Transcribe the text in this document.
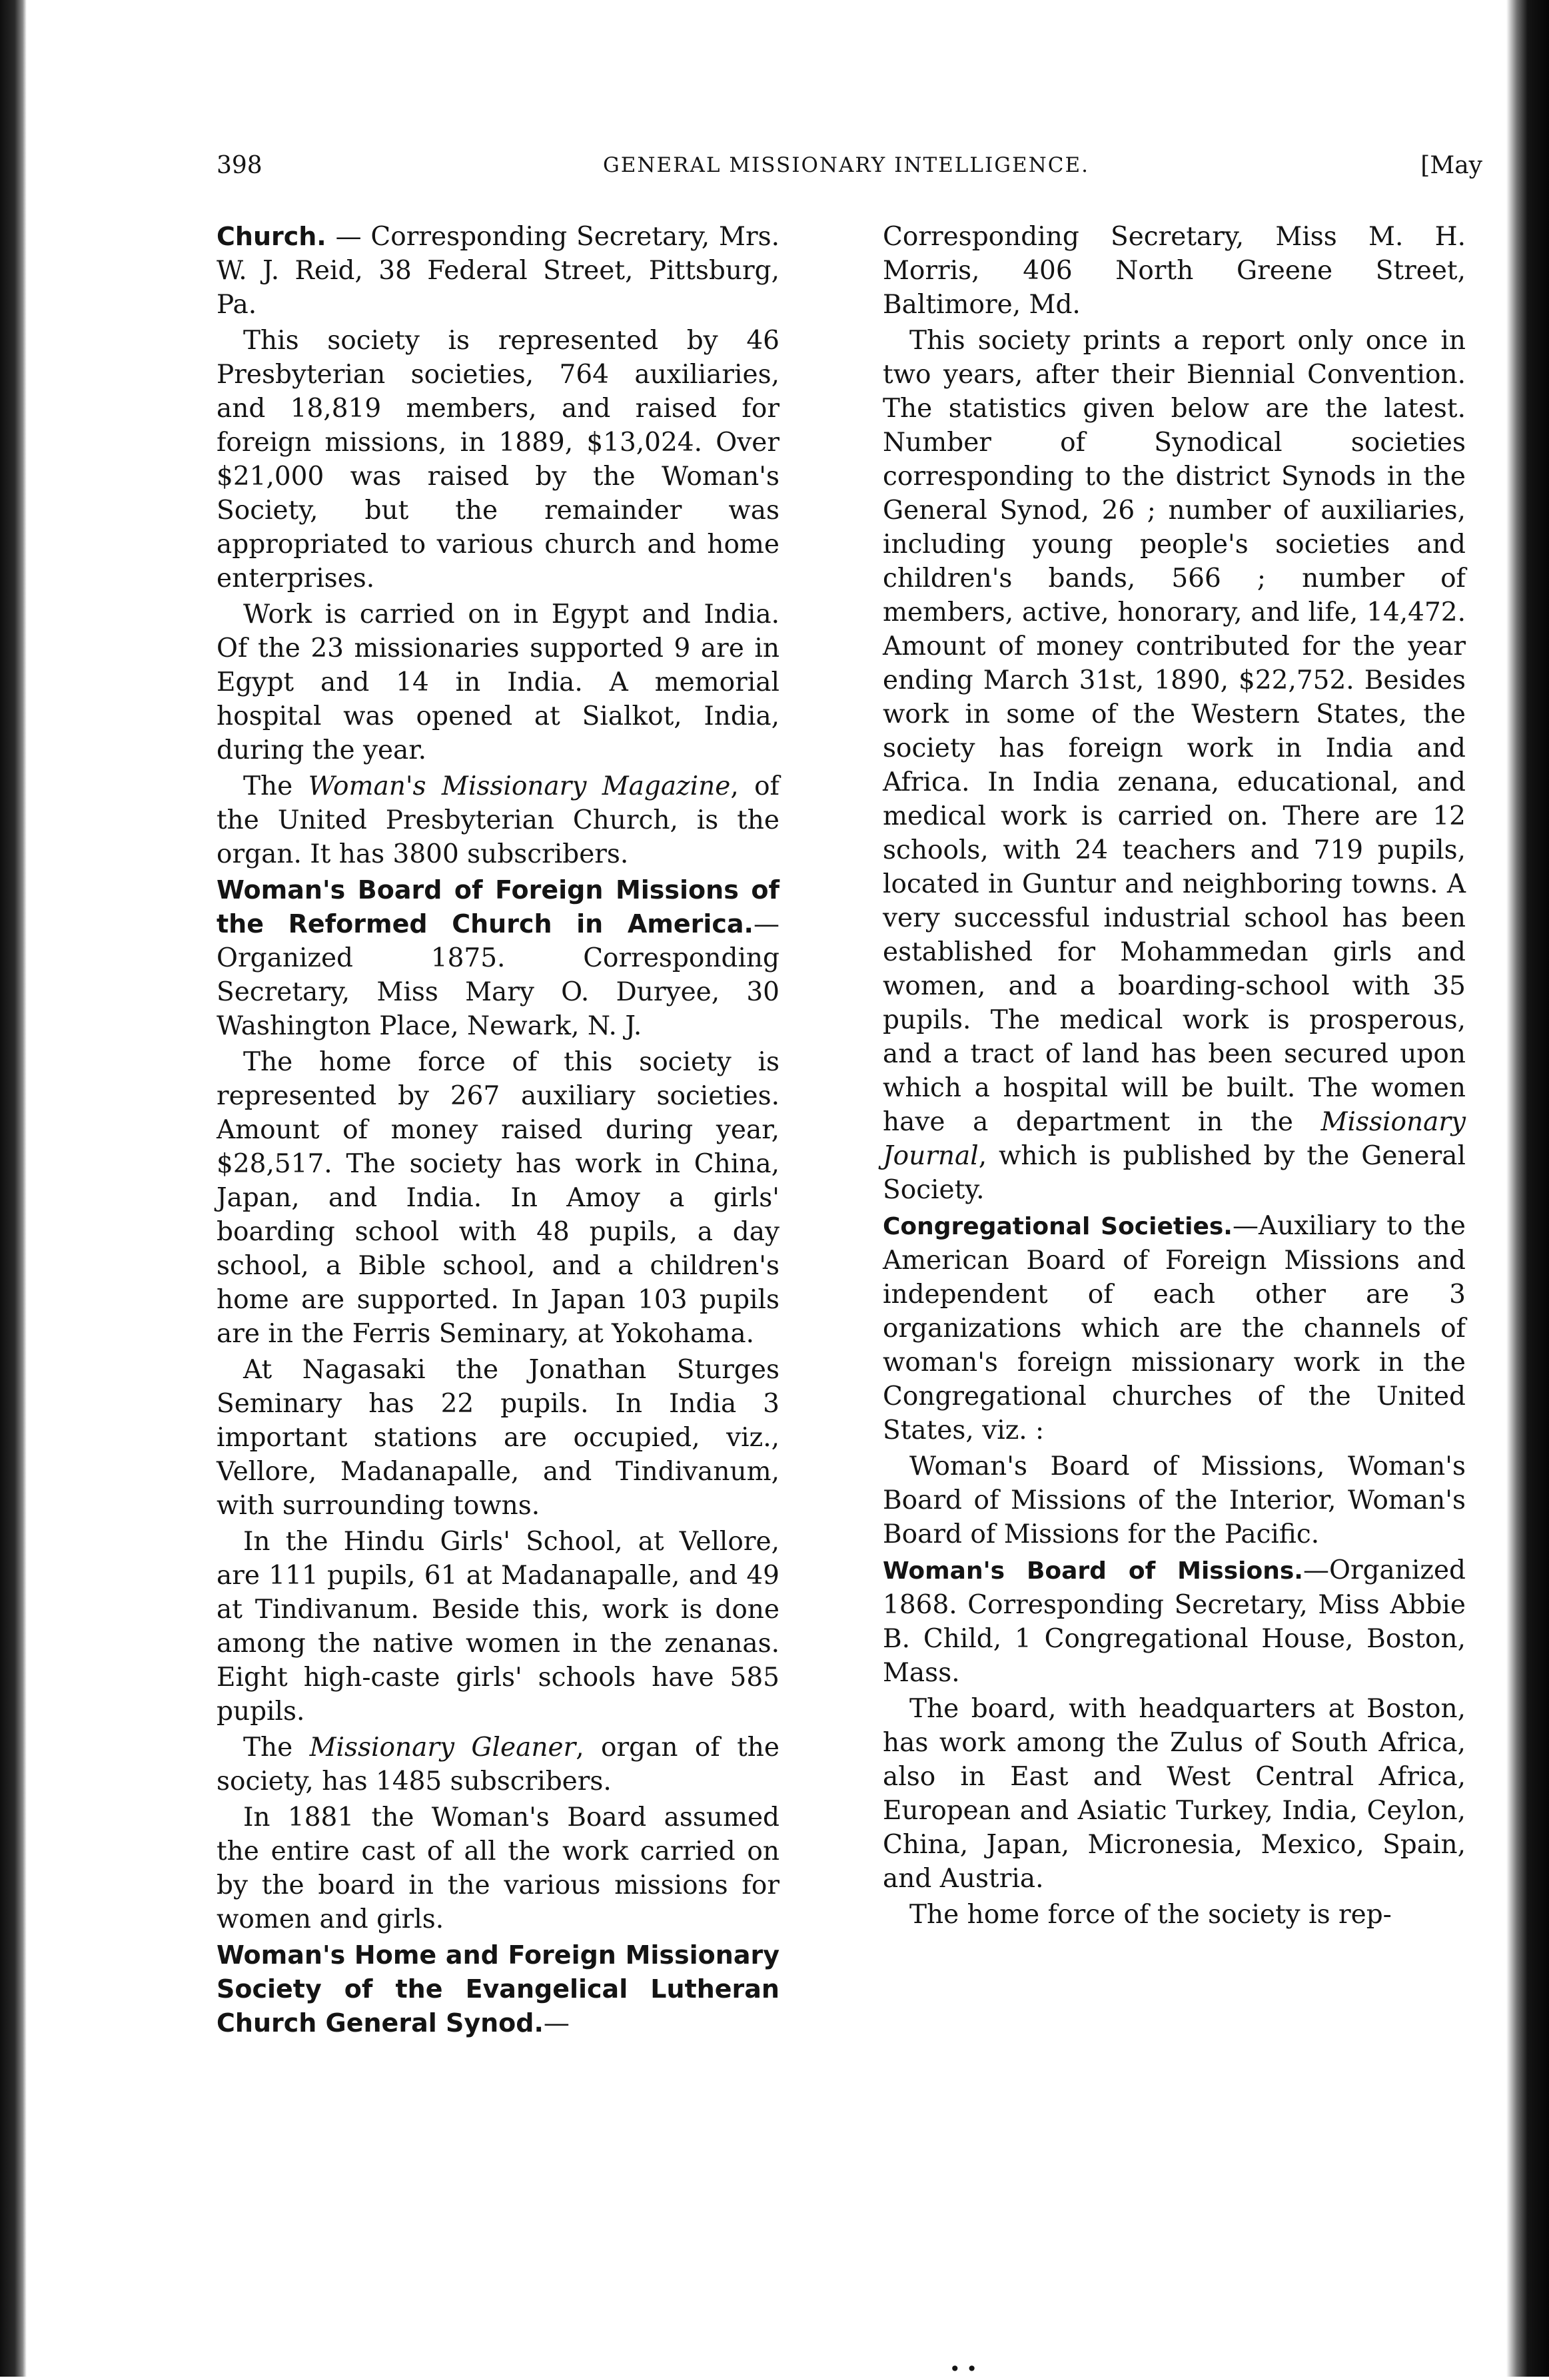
398	GENERAL MISSIONARY INTELLIGENCE.	[May

Church. — Corresponding Secretary, Mrs. W. J. Reid, 38 Federal Street, Pittsburg, Pa.

This society is represented by 46 Presbyterian societies, 764 auxiliaries, and 18,819 members, and raised for foreign missions, in 1889, $13,024. Over $21,000 was raised by the Woman's Society, but the remainder was appropriated to various church and home enterprises.

Work is carried on in Egypt and India. Of the 23 missionaries supported 9 are in Egypt and 14 in India. A memorial hospital was opened at Sialkot, India, during the year.

The Woman's Missionary Magazine, of the United Presbyterian Church, is the organ. It has 3800 subscribers.

Woman's Board of Foreign Missions of the Reformed Church in America.—Organized 1875. Corresponding Secretary, Miss Mary O. Duryee, 30 Washington Place, Newark, N. J.

The home force of this society is represented by 267 auxiliary societies. Amount of money raised during year, $28,517. The society has work in China, Japan, and India. In Amoy a girls' boarding school with 48 pupils, a day school, a Bible school, and a children's home are supported. In Japan 103 pupils are in the Ferris Seminary, at Yokohama.

At Nagasaki the Jonathan Sturges Seminary has 22 pupils. In India 3 important stations are occupied, viz., Vellore, Madanapalle, and Tindivanum, with surrounding towns.

In the Hindu Girls' School, at Vellore, are 111 pupils, 61 at Madanapalle, and 49 at Tindivanum. Beside this, work is done among the native women in the zenanas. Eight high-caste girls' schools have 585 pupils.

The Missionary Gleaner, organ of the society, has 1485 subscribers.

In 1881 the Woman's Board assumed the entire cast of all the work carried on by the board in the various missions for women and girls.

Woman's Home and Foreign Missionary Society of the Evangelical Lutheran Church General Synod.—

Corresponding Secretary, Miss M. H. Morris, 406 North Greene Street, Baltimore, Md.

This society prints a report only once in two years, after their Biennial Convention. The statistics given below are the latest. Number of Synodical societies corresponding to the district Synods in the General Synod, 26 ; number of auxiliaries, including young people's societies and children's bands, 566 ; number of members, active, honorary, and life, 14,472. Amount of money contributed for the year ending March 31st, 1890, $22,752. Besides work in some of the Western States, the society has foreign work in India and Africa. In India zenana, educational, and medical work is carried on. There are 12 schools, with 24 teachers and 719 pupils, located in Guntur and neighboring towns. A very successful industrial school has been established for Mohammedan girls and women, and a boarding-school with 35 pupils. The medical work is prosperous, and a tract of land has been secured upon which a hospital will be built. The women have a department in the Missionary Journal, which is published by the General Society.

Congregational Societies.—Auxiliary to the American Board of Foreign Missions and independent of each other are 3 organizations which are the channels of woman's foreign missionary work in the Congregational churches of the United States, viz. :

Woman's Board of Missions, Woman's Board of Missions of the Interior, Woman's Board of Missions for the Pacific.

Woman's Board of Missions.—Organized 1868. Corresponding Secretary, Miss Abbie B. Child, 1 Congregational House, Boston, Mass.

The board, with headquarters at Boston, has work among the Zulus of South Africa, also in East and West Central Africa, European and Asiatic Turkey, India, Ceylon, China, Japan, Micronesia, Mexico, Spain, and Austria.

The home force of the society is rep-

• •
